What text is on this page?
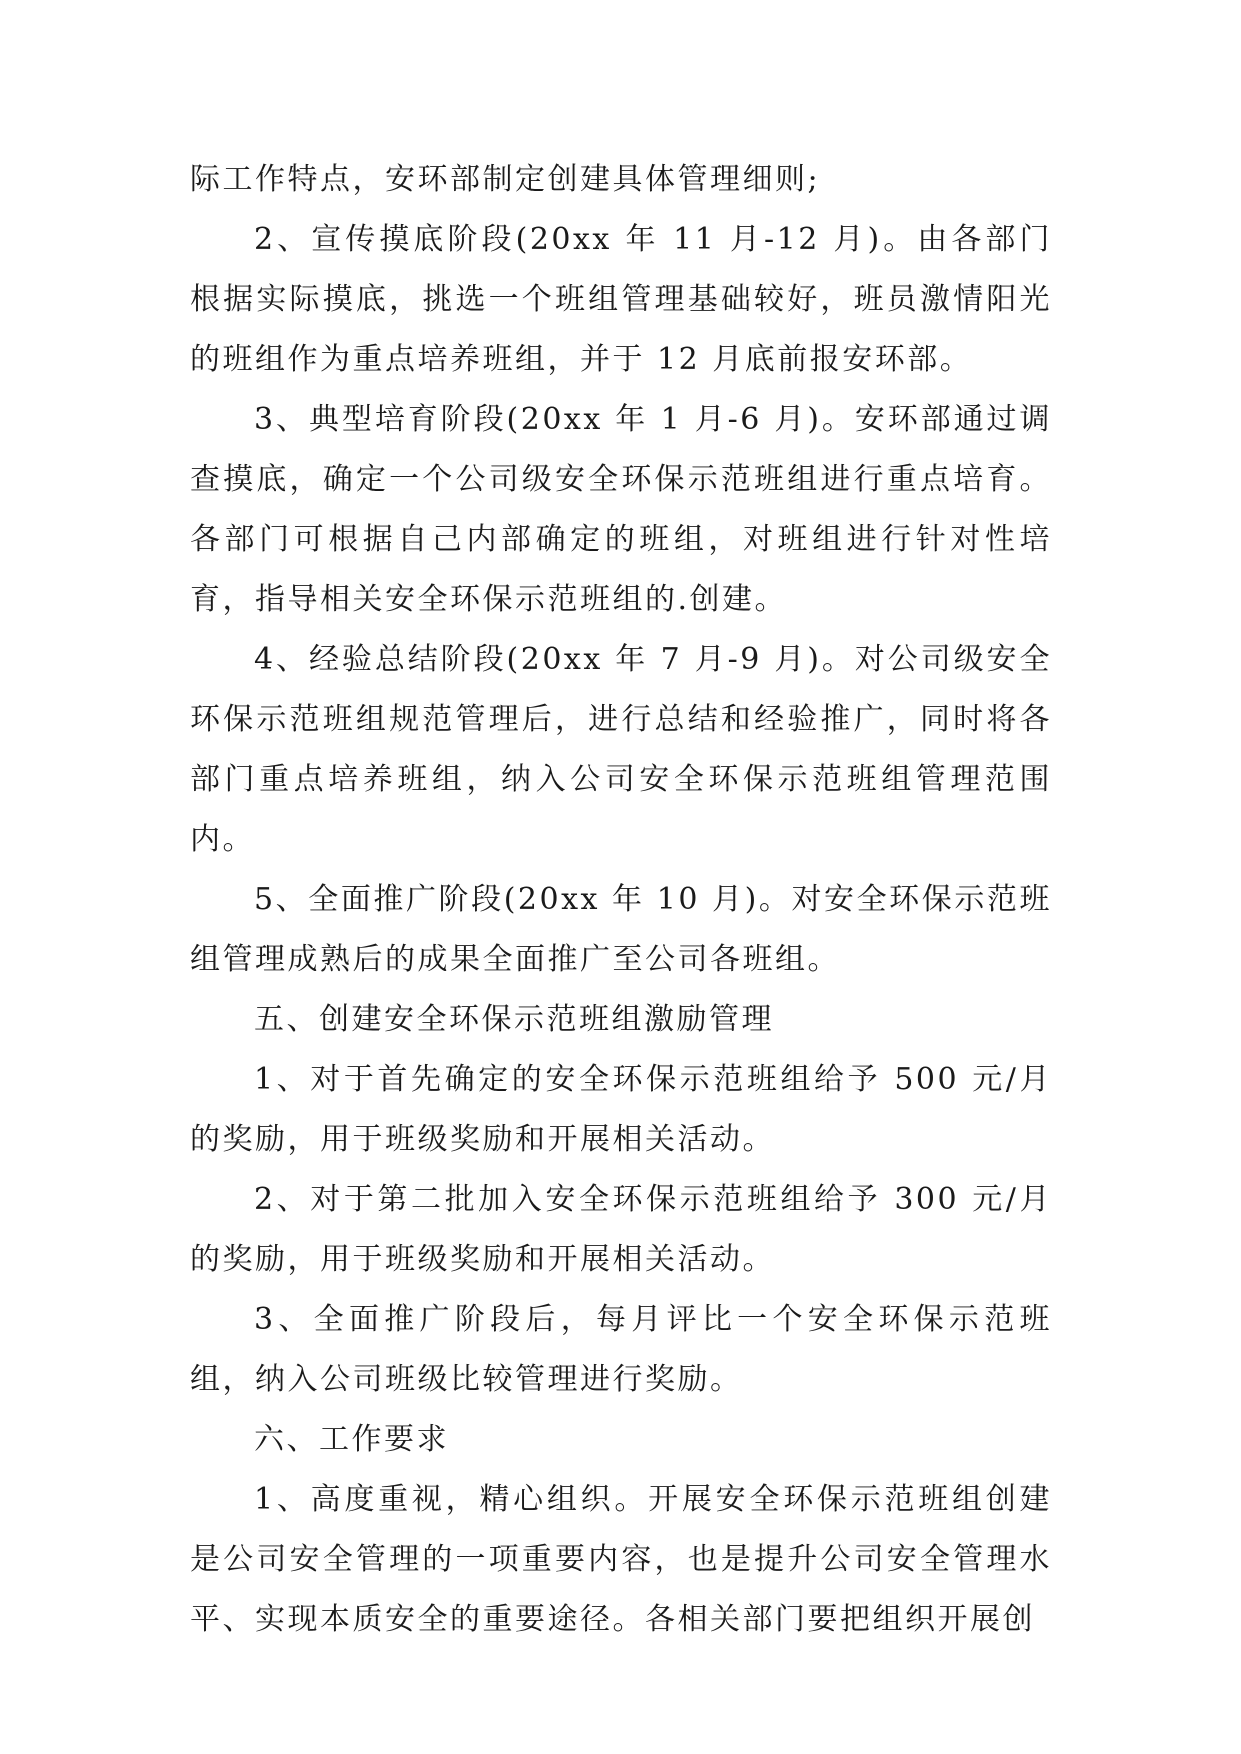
际工作特点，安环部制定创建具体管理细则;

2、宣传摸底阶段(20xx 年 11 月-12 月)。由各部门根据实际摸底，挑选一个班组管理基础较好，班员激情阳光的班组作为重点培养班组，并于 12 月底前报安环部。

3、典型培育阶段(20xx 年 1 月-6 月)。安环部通过调查摸底，确定一个公司级安全环保示范班组进行重点培育。各部门可根据自己内部确定的班组，对班组进行针对性培育，指导相关安全环保示范班组的.创建。

4、经验总结阶段(20xx 年 7 月-9 月)。对公司级安全环保示范班组规范管理后，进行总结和经验推广，同时将各部门重点培养班组，纳入公司安全环保示范班组管理范围内。

5、全面推广阶段(20xx 年 10 月)。对安全环保示范班组管理成熟后的成果全面推广至公司各班组。

五、创建安全环保示范班组激励管理

1、对于首先确定的安全环保示范班组给予 500 元/月的奖励，用于班级奖励和开展相关活动。

2、对于第二批加入安全环保示范班组给予 300 元/月的奖励，用于班级奖励和开展相关活动。

3、全面推广阶段后，每月评比一个安全环保示范班组，纳入公司班级比较管理进行奖励。

六、工作要求

1、高度重视，精心组织。开展安全环保示范班组创建是公司安全管理的一项重要内容，也是提升公司安全管理水平、实现本质安全的重要途径。各相关部门要把组织开展创
